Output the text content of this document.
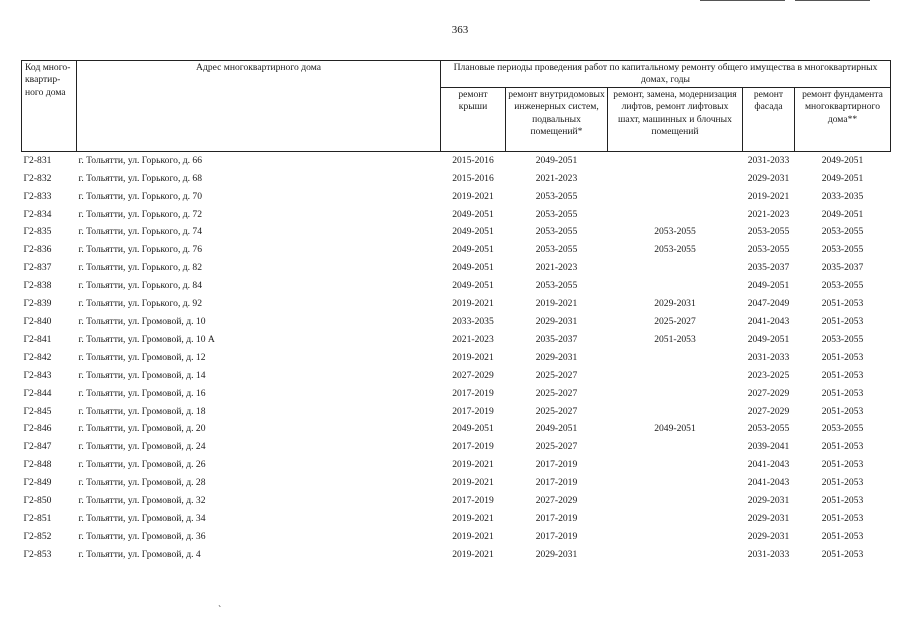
363
Код много-квартир-ного дома	Адрес многоквартирного дома	Плановые периоды проведения работ по капитальному ремонту общего имущества в многоквартирных домах, годы				
		ремонт крыши	ремонт внутридомовых инженерных систем, подвальных помещений*	ремонт, замена, модернизация лифтов, ремонт лифтовых шахт, машинных и блочных помещений	ремонт фасада	ремонт фундамента многоквартирного дома**
Г2-831	г. Тольятти, ул. Горького, д. 66	2015-2016	2049-2051		2031-2033	2049-2051
Г2-832	г. Тольятти, ул. Горького, д. 68	2015-2016	2021-2023		2029-2031	2049-2051
Г2-833	г. Тольятти, ул. Горького, д. 70	2019-2021	2053-2055		2019-2021	2033-2035
Г2-834	г. Тольятти, ул. Горького, д. 72	2049-2051	2053-2055		2021-2023	2049-2051
Г2-835	г. Тольятти, ул. Горького, д. 74	2049-2051	2053-2055	2053-2055	2053-2055	2053-2055
Г2-836	г. Тольятти, ул. Горького, д. 76	2049-2051	2053-2055	2053-2055	2053-2055	2053-2055
Г2-837	г. Тольятти, ул. Горького, д. 82	2049-2051	2021-2023		2035-2037	2035-2037
Г2-838	г. Тольятти, ул. Горького, д. 84	2049-2051	2053-2055		2049-2051	2053-2055
Г2-839	г. Тольятти, ул. Горького, д. 92	2019-2021	2019-2021	2029-2031	2047-2049	2051-2053
Г2-840	г. Тольятти, ул. Громовой, д. 10	2033-2035	2029-2031	2025-2027	2041-2043	2051-2053
Г2-841	г. Тольятти, ул. Громовой, д. 10 А	2021-2023	2035-2037	2051-2053	2049-2051	2053-2055
Г2-842	г. Тольятти, ул. Громовой, д. 12	2019-2021	2029-2031		2031-2033	2051-2053
Г2-843	г. Тольятти, ул. Громовой, д. 14	2027-2029	2025-2027		2023-2025	2051-2053
Г2-844	г. Тольятти, ул. Громовой, д. 16	2017-2019	2025-2027		2027-2029	2051-2053
Г2-845	г. Тольятти, ул. Громовой, д. 18	2017-2019	2025-2027		2027-2029	2051-2053
Г2-846	г. Тольятти, ул. Громовой, д. 20	2049-2051	2049-2051	2049-2051	2053-2055	2053-2055
Г2-847	г. Тольятти, ул. Громовой, д. 24	2017-2019	2025-2027		2039-2041	2051-2053
Г2-848	г. Тольятти, ул. Громовой, д. 26	2019-2021	2017-2019		2041-2043	2051-2053
Г2-849	г. Тольятти, ул. Громовой, д. 28	2019-2021	2017-2019		2041-2043	2051-2053
Г2-850	г. Тольятти, ул. Громовой, д. 32	2017-2019	2027-2029		2029-2031	2051-2053
Г2-851	г. Тольятти, ул. Громовой, д. 34	2019-2021	2017-2019		2029-2031	2051-2053
Г2-852	г. Тольятти, ул. Громовой, д. 36	2019-2021	2017-2019		2029-2031	2051-2053
Г2-853	г. Тольятти, ул. Громовой, д. 4	2019-2021	2029-2031		2031-2033	2051-2053
`
